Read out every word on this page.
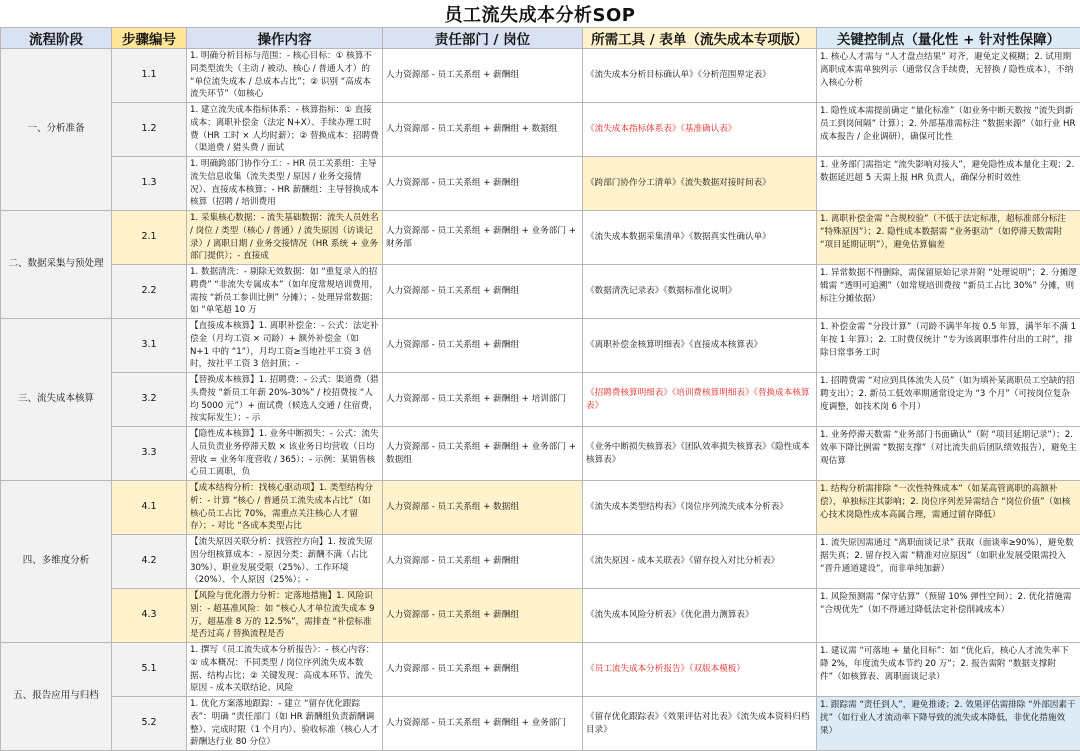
员工流失成本分析SOP
流程阶段	步骤编号	操作内容	责任部门 / 岗位	所需工具 / 表单（流失成本专项版）	关键控制点（量化性 + 针对性保障）
一、分析准备	1.1	1. 明确分析目标与范围：- 核心目标：① 核算不同类型流失（主动 / 被动、核心 / 普通人才）的 “单位流失成本 / 总成本占比”；② 识别 “高成本流失环节”（如核心	人力资源部 - 员工关系组 + 薪酬组	《流失成本分析目标确认单》《分析范围界定表》	1. 核心人才需与 “人才盘点结果” 对齐，避免定义模糊；2. 试用期离职成本需单独列示（通常仅含手续费，无替换 / 隐性成本），不纳入核心分析

	1.2	1. 建立流失成本指标体系：- 核算指标：① 直接成本：离职补偿金（法定 N+X）、手续办理工时费（HR 工时 × 人均时薪）；② 替换成本：招聘费（渠道费 / 猎头费 / 面试	人力资源部 - 员工关系组 + 薪酬组 + 数据组	《流失成本指标体系表》《基准确认表》	1. 隐性成本需提前确定 “量化标准”（如业务中断天数按 “流失到新员工到岗间隔” 计算）；2. 外部基准需标注 “数据来源”（如行业 HR 成本报告 / 企业调研），确保可比性

	1.3	1. 明确跨部门协作分工：- HR 员工关系组：主导流失信息收集（流失类型 / 原因 / 业务交接情况）、直接成本核算；- HR 薪酬组：主导替换成本核算（招聘 / 培训费用	人力资源部 - 员工关系组 + 薪酬组	《跨部门协作分工清单》《流失数据对接时间表》	1. 业务部门需指定 “流失影响对接人”，避免隐性成本量化主观；2. 数据延迟超 5 天需上报 HR 负责人，确保分析时效性

二、数据采集与预处理	2.1	1. 采集核心数据：- 流失基础数据：流失人员姓名 / 岗位 / 类型（核心 / 普通）/ 流失原因（访谈记录）/ 离职日期 / 业务交接情况（HR 系统 + 业务部门提供）；- 直接成	人力资源部 - 员工关系组 + 薪酬组 + 业务部门 + 财务部	《流失成本数据采集清单》《数据真实性确认单》	1. 离职补偿金需 “合规校验”（不低于法定标准，超标准部分标注 “特殊原因”）；2. 隐性成本数据需 “业务驱动”（如停滞天数需附 “项目延期证明”），避免估算偏差

	2.2	1. 数据清洗：- 剔除无效数据：如 “重复录入的招聘费” “非流失专属成本”（如年度常规培训费用，需按 “新员工参训比例” 分摊）；- 处理异常数据：如 “单笔超 10 万	人力资源部 - 员工关系组 + 薪酬组	《数据清洗记录表》《数据标准化说明》	1. 异常数据不得删除，需保留原始记录并附 “处理说明”；2. 分摊逻辑需 “透明可追溯”（如常规培训费按 “新员工占比 30%” 分摊，则标注分摊依据）

三、流失成本核算	3.1	【直接成本核算】1. 离职补偿金：- 公式：法定补偿金（月均工资 × 司龄）+ 额外补偿金（如 N+1 中的 “1”），月均工资≥当地社平工资 3 倍时，按社平工资 3 倍封顶；-	人力资源部 - 员工关系组 + 薪酬组	《离职补偿金核算明细表》《直接成本核算表》	1. 补偿金需 “分段计算”（司龄不满半年按 0.5 年算，满半年不满 1 年按 1 年算）；2. 工时费仅统计 “专为该离职事件付出的工时”，排除日常事务工时

	3.2	【替换成本核算】1. 招聘费：- 公式：渠道费（猎头费按 “新员工年薪 20%-30%” / 校招费按 “人均 5000 元”）+ 面试费（候选人交通 / 住宿费，按实际发生）；- 示	人力资源部 - 员工关系组 + 薪酬组 + 培训部门	《招聘费核算明细表》《培训费核算明细表》《替换成本核算表》	1. 招聘费需 “对应到具体流失人员”（如为填补某离职员工空缺的招聘支出）；2. 新员工低效率期通常设定为 “3 个月”（可按岗位复杂度调整，如技术岗 6 个月）

	3.3	【隐性成本核算】1. 业务中断损失：- 公式：流失人员负责业务停滞天数 × 该业务日均营收（日均营收 = 业务年度营收 / 365）；- 示例：某销售核心员工离职，负	人力资源部 - 员工关系组 + 薪酬组 + 业务部门 + 数据组	《业务中断损失核算表》《团队效率损失核算表》《隐性成本核算表》	1. 业务停滞天数需 “业务部门书面确认”（附 “项目延期记录”）；2. 效率下降比例需 “数据支撑”（对比流失前后团队绩效报告），避免主观估算

四、多维度分析	4.1	【成本结构分析：找核心驱动项】1. 类型结构分析：- 计算 “核心 / 普通员工流失成本占比”（如核心员工占比 70%，需重点关注核心人才留存）；- 对比 “各成本类型占比	人力资源部 - 员工关系组 + 数据组	《流失成本类型结构表》《岗位序列流失成本分析表》	1. 结构分析需排除 “一次性特殊成本”（如某高管离职的高额补偿），单独标注其影响；2. 岗位序列差异需结合 “岗位价值”（如核心技术岗隐性成本高属合理，需通过留存降低）

	4.2	【流失原因关联分析：找管控方向】1. 按流失原因分组核算成本：- 原因分类：薪酬不满（占比 30%）、职业发展受限（25%）、工作环境（20%）、个人原因（25%）；-	人力资源部 - 员工关系组 + 薪酬组	《流失原因 - 成本关联表》《留存投入对比分析表》	1. 流失原因需通过 “离职面谈记录” 获取（面谈率≥90%），避免数据失真；2. 留存投入需 “精准对应原因”（如职业发展受限需投入 “晋升通道建设”，而非单纯加薪）

	4.3	【风险与优化潜力分析：定落地措施】1. 风险识别：- 超基准风险：如 “核心人才单位流失成本 9 万，超基准 8 万的 12.5%”，需排查 “补偿标准是否过高 / 替换流程是否	人力资源部 - 员工关系组 + 薪酬组	《流失成本风险分析表》《优化潜力测算表》	1. 风险预测需 “保守估算”（预留 10% 弹性空间）；2. 优化措施需 “合规优先”（如不得通过降低法定补偿削减成本）

五、报告应用与归档	5.1	1. 撰写《员工流失成本分析报告》：- 核心内容：① 成本概况：不同类型 / 岗位序列流失成本数据、结构占比；② 关键发现：高成本环节、流失原因 - 成本关联结论、风险	人力资源部 - 员工关系组 + 薪酬组	《员工流失成本分析报告》（双版本模板）	1. 建议需 “可落地 + 量化目标”：如 “优化后，核心人才流失率下降 2%，年度流失成本节约 20 万”；2. 报告需附 “数据支撑附件”（如核算表、离职面谈记录）

	5.2	1. 优化方案落地跟踪：- 建立 “留存优化跟踪表”：明确 “责任部门（如 HR 薪酬组负责薪酬调整）、完成时限（1 个月内）、验收标准（核心人才薪酬达行业 80 分位）	人力资源部 - 员工关系组 + 薪酬组 + 业务部门	《留存优化跟踪表》《效果评估对比表》《流失成本资料归档目录》	1. 跟踪需 “责任到人”，避免推诿；2. 效果评估需排除 “外部因素干扰”（如行业人才流动率下降导致的流失成本降低，非优化措施效果）
